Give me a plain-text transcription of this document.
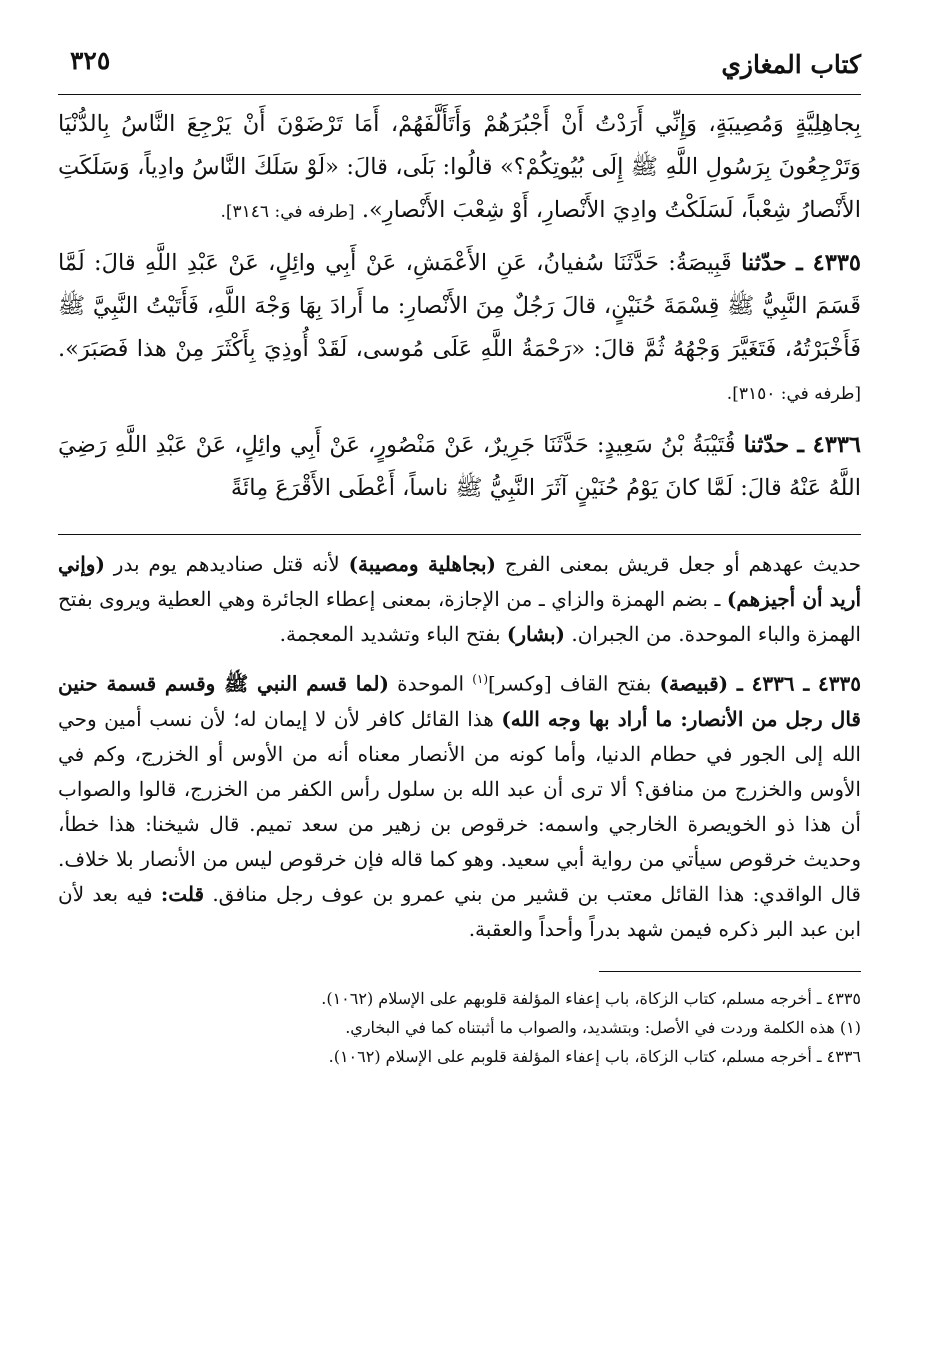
كتاب المغازي
٣٢٥

بِجاهِلِيَّةٍ وَمُصِيبَةٍ، وَإِنِّي أَرَدْتُ أَنْ أَجْبُرَهُمْ وَأَتَأَلَّفَهُمْ، أَمَا تَرْضَوْنَ أَنْ يَرْجِعَ النَّاسُ بِالدُّنْيَا وَتَرْجِعُونَ بِرَسُولِ اللَّهِ ﷺ إِلَى بُيُوتِكُمْ؟» قالُوا: بَلَى، قالَ: «لَوْ سَلَكَ النَّاسُ وادِياً، وَسَلَكَتِ الأَنْصارُ شِعْباً، لَسَلَكْتُ وادِيَ الأَنْصارِ، أَوْ شِعْبَ الأَنْصارِ». [طرفه في: ٣١٤٦].

٤٣٣٥ ـ حدّثنا قَبِيصَةُ: حَدَّثَنَا سُفيانُ، عَنِ الأَعْمَشِ، عَنْ أَبِي وائِلٍ، عَنْ عَبْدِ اللَّهِ قالَ: لَمَّا قَسَمَ النَّبِيُّ ﷺ قِسْمَةَ حُنَيْنٍ، قالَ رَجُلٌ مِنَ الأَنْصارِ: ما أَرادَ بِهَا وَجْهَ اللَّهِ، فَأَتَيْتُ النَّبِيَّ ﷺ فَأَخْبَرْتُهُ، فَتَغَيَّرَ وَجْهُهُ ثُمَّ قالَ: «رَحْمَةُ اللَّهِ عَلَى مُوسى، لَقَدْ أُوذِيَ بِأَكْثَرَ مِنْ هذا فَصَبَرَ». [طرفه في: ٣١٥٠].

٤٣٣٦ ـ حدّثنا قُتَيْبَةُ بْنُ سَعِيدٍ: حَدَّثَنَا جَرِيرٌ، عَنْ مَنْصُورٍ، عَنْ أَبِي وائِلٍ، عَنْ عَبْدِ اللَّهِ رَضِيَ اللَّهُ عَنْهُ قالَ: لَمَّا كانَ يَوْمُ حُنَيْنٍ آثَرَ النَّبِيُّ ﷺ ناساً، أَعْطَى الأَقْرَعَ مِائَةً

حديث عهدهم أو جعل قريش بمعنى الفرج (بجاهلية ومصيبة) لأنه قتل صناديدهم يوم بدر (وإني أريد أن أجيزهم) ـ بضم الهمزة والزاي ـ من الإجازة، بمعنى إعطاء الجائرة وهي العطية ويروى بفتح الهمزة والباء الموحدة. من الجبران. (بشار) بفتح الباء وتشديد المعجمة.

٤٣٣٥ ـ ٤٣٣٦ ـ (قبيصة) بفتح القاف [وكسر]$^{(١)}$ الموحدة (لما قسم النبي ﷺ وقسم قسمة حنين قال رجل من الأنصار: ما أراد بها وجه الله) هذا القائل كافر لأن لا إيمان له؛ لأن نسب أمين وحي الله إلى الجور في حطام الدنيا، وأما كونه من الأنصار معناه أنه من الأوس أو الخزرج، وكم في الأوس والخزرج من منافق؟ ألا ترى أن عبد الله بن سلول رأس الكفر من الخزرج، قالوا والصواب أن هذا ذو الخويصرة الخارجي واسمه: خرقوص بن زهير من سعد تميم. قال شيخنا: هذا خطأ، وحديث خرقوص سيأتي من رواية أبي سعيد. وهو كما قاله فإن خرقوص ليس من الأنصار بلا خلاف. قال الواقدي: هذا القائل معتب بن قشير من بني عمرو بن عوف رجل منافق. قلت: فيه بعد لأن ابن عبد البر ذكره فيمن شهد بدراً وأحداً والعقبة.

٤٣٣٥ ـ أخرجه مسلم، كتاب الزكاة، باب إعفاء المؤلفة قلوبهم على الإسلام (١٠٦٢).

(١) هذه الكلمة وردت في الأصل: وبتشديد، والصواب ما أثبتناه كما في البخاري.

٤٣٣٦ ـ أخرجه مسلم، كتاب الزكاة، باب إعفاء المؤلفة قلوبم على الإسلام (١٠٦٢).
